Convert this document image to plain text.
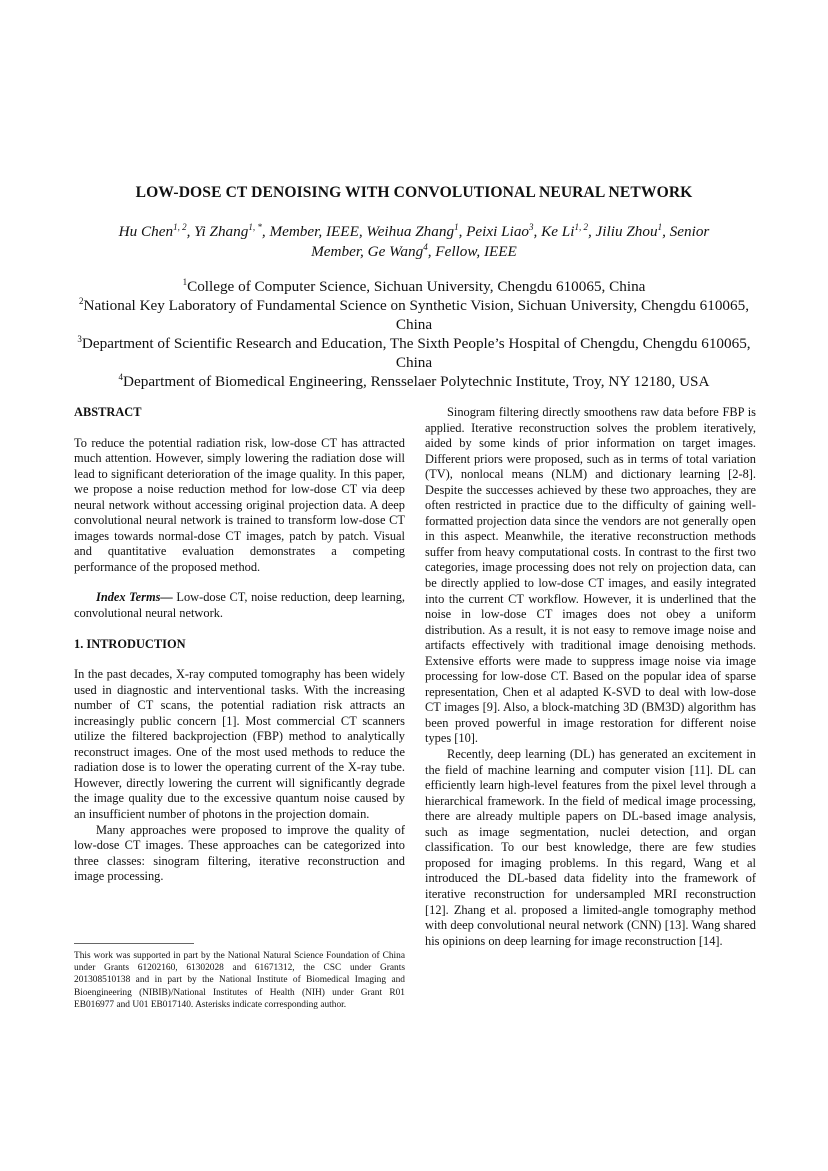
LOW-DOSE CT DENOISING WITH CONVOLUTIONAL NEURAL NETWORK
Hu Chen$^{1, 2}$, Yi Zhang$^{1, *}$, Member, IEEE, Weihua Zhang$^1$, Peixi Liao$^3$, Ke Li$^{1, 2}$, Jiliu Zhou$^1$, Senior
Member, Ge Wang$^4$, Fellow, IEEE

$^1$College of Computer Science, Sichuan University, Chengdu 610065, China

$^2$National Key Laboratory of Fundamental Science on Synthetic Vision, Sichuan University, Chengdu 610065, China

$^3$Department of Scientific Research and Education, The Sixth People’s Hospital of Chengdu, Chengdu 610065, China

$^4$Department of Biomedical Engineering, Rensselaer Polytechnic Institute, Troy, NY 12180, USA

ABSTRACT

To reduce the potential radiation risk, low-dose CT has attracted much attention. However, simply lowering the radiation dose will lead to significant deterioration of the image quality. In this paper, we propose a noise reduction method for low-dose CT via deep neural network without accessing original projection data. A deep convolutional neural network is trained to transform low-dose CT images towards normal-dose CT images, patch by patch. Visual and quantitative evaluation demonstrates a competing performance of the proposed method.

Index Terms— Low-dose CT, noise reduction, deep learning, convolutional neural network.

1. INTRODUCTION

In the past decades, X-ray computed tomography has been widely used in diagnostic and interventional tasks. With the increasing number of CT scans, the potential radiation risk attracts an increasingly public concern [1]. Most commercial CT scanners utilize the filtered backprojection (FBP) method to analytically reconstruct images. One of the most used methods to reduce the radiation dose is to lower the operating current of the X-ray tube. However, directly lowering the current will significantly degrade the image quality due to the excessive quantum noise caused by an insufficient number of photons in the projection domain.

Many approaches were proposed to improve the quality of low-dose CT images. These approaches can be categorized into three classes: sinogram filtering, iterative reconstruction and image processing.

This work was supported in part by the National Natural Science Foundation of China under Grants 61202160, 61302028 and 61671312, the CSC under Grants 201308510138 and in part by the National Institute of Biomedical Imaging and Bioengineering (NIBIB)/National Institutes of Health (NIH) under Grant R01 EB016977 and U01 EB017140. Asterisks indicate corresponding author.

Sinogram filtering directly smoothens raw data before FBP is applied. Iterative reconstruction solves the problem iteratively, aided by some kinds of prior information on target images. Different priors were proposed, such as in terms of total variation (TV), nonlocal means (NLM) and dictionary learning [2-8]. Despite the successes achieved by these two approaches, they are often restricted in practice due to the difficulty of gaining well-formatted projection data since the vendors are not generally open in this aspect. Meanwhile, the iterative reconstruction methods suffer from heavy computational costs. In contrast to the first two categories, image processing does not rely on projection data, can be directly applied to low-dose CT images, and easily integrated into the current CT workflow. However, it is underlined that the noise in low-dose CT images does not obey a uniform distribution. As a result, it is not easy to remove image noise and artifacts effectively with traditional image denoising methods. Extensive efforts were made to suppress image noise via image processing for low-dose CT. Based on the popular idea of sparse representation, Chen et al adapted K-SVD to deal with low-dose CT images [9]. Also, a block-matching 3D (BM3D) algorithm has been proved powerful in image restoration for different noise types [10].

Recently, deep learning (DL) has generated an excitement in the field of machine learning and computer vision [11]. DL can efficiently learn high-level features from the pixel level through a hierarchical framework. In the field of medical image processing, there are already multiple papers on DL-based image analysis, such as image segmentation, nuclei detection, and organ classification. To our best knowledge, there are few studies proposed for imaging problems. In this regard, Wang et al introduced the DL-based data fidelity into the framework of iterative reconstruction for undersampled MRI reconstruction [12]. Zhang et al. proposed a limited-angle tomography method with deep convolutional neural network (CNN) [13]. Wang shared his opinions on deep learning for image reconstruction [14].
